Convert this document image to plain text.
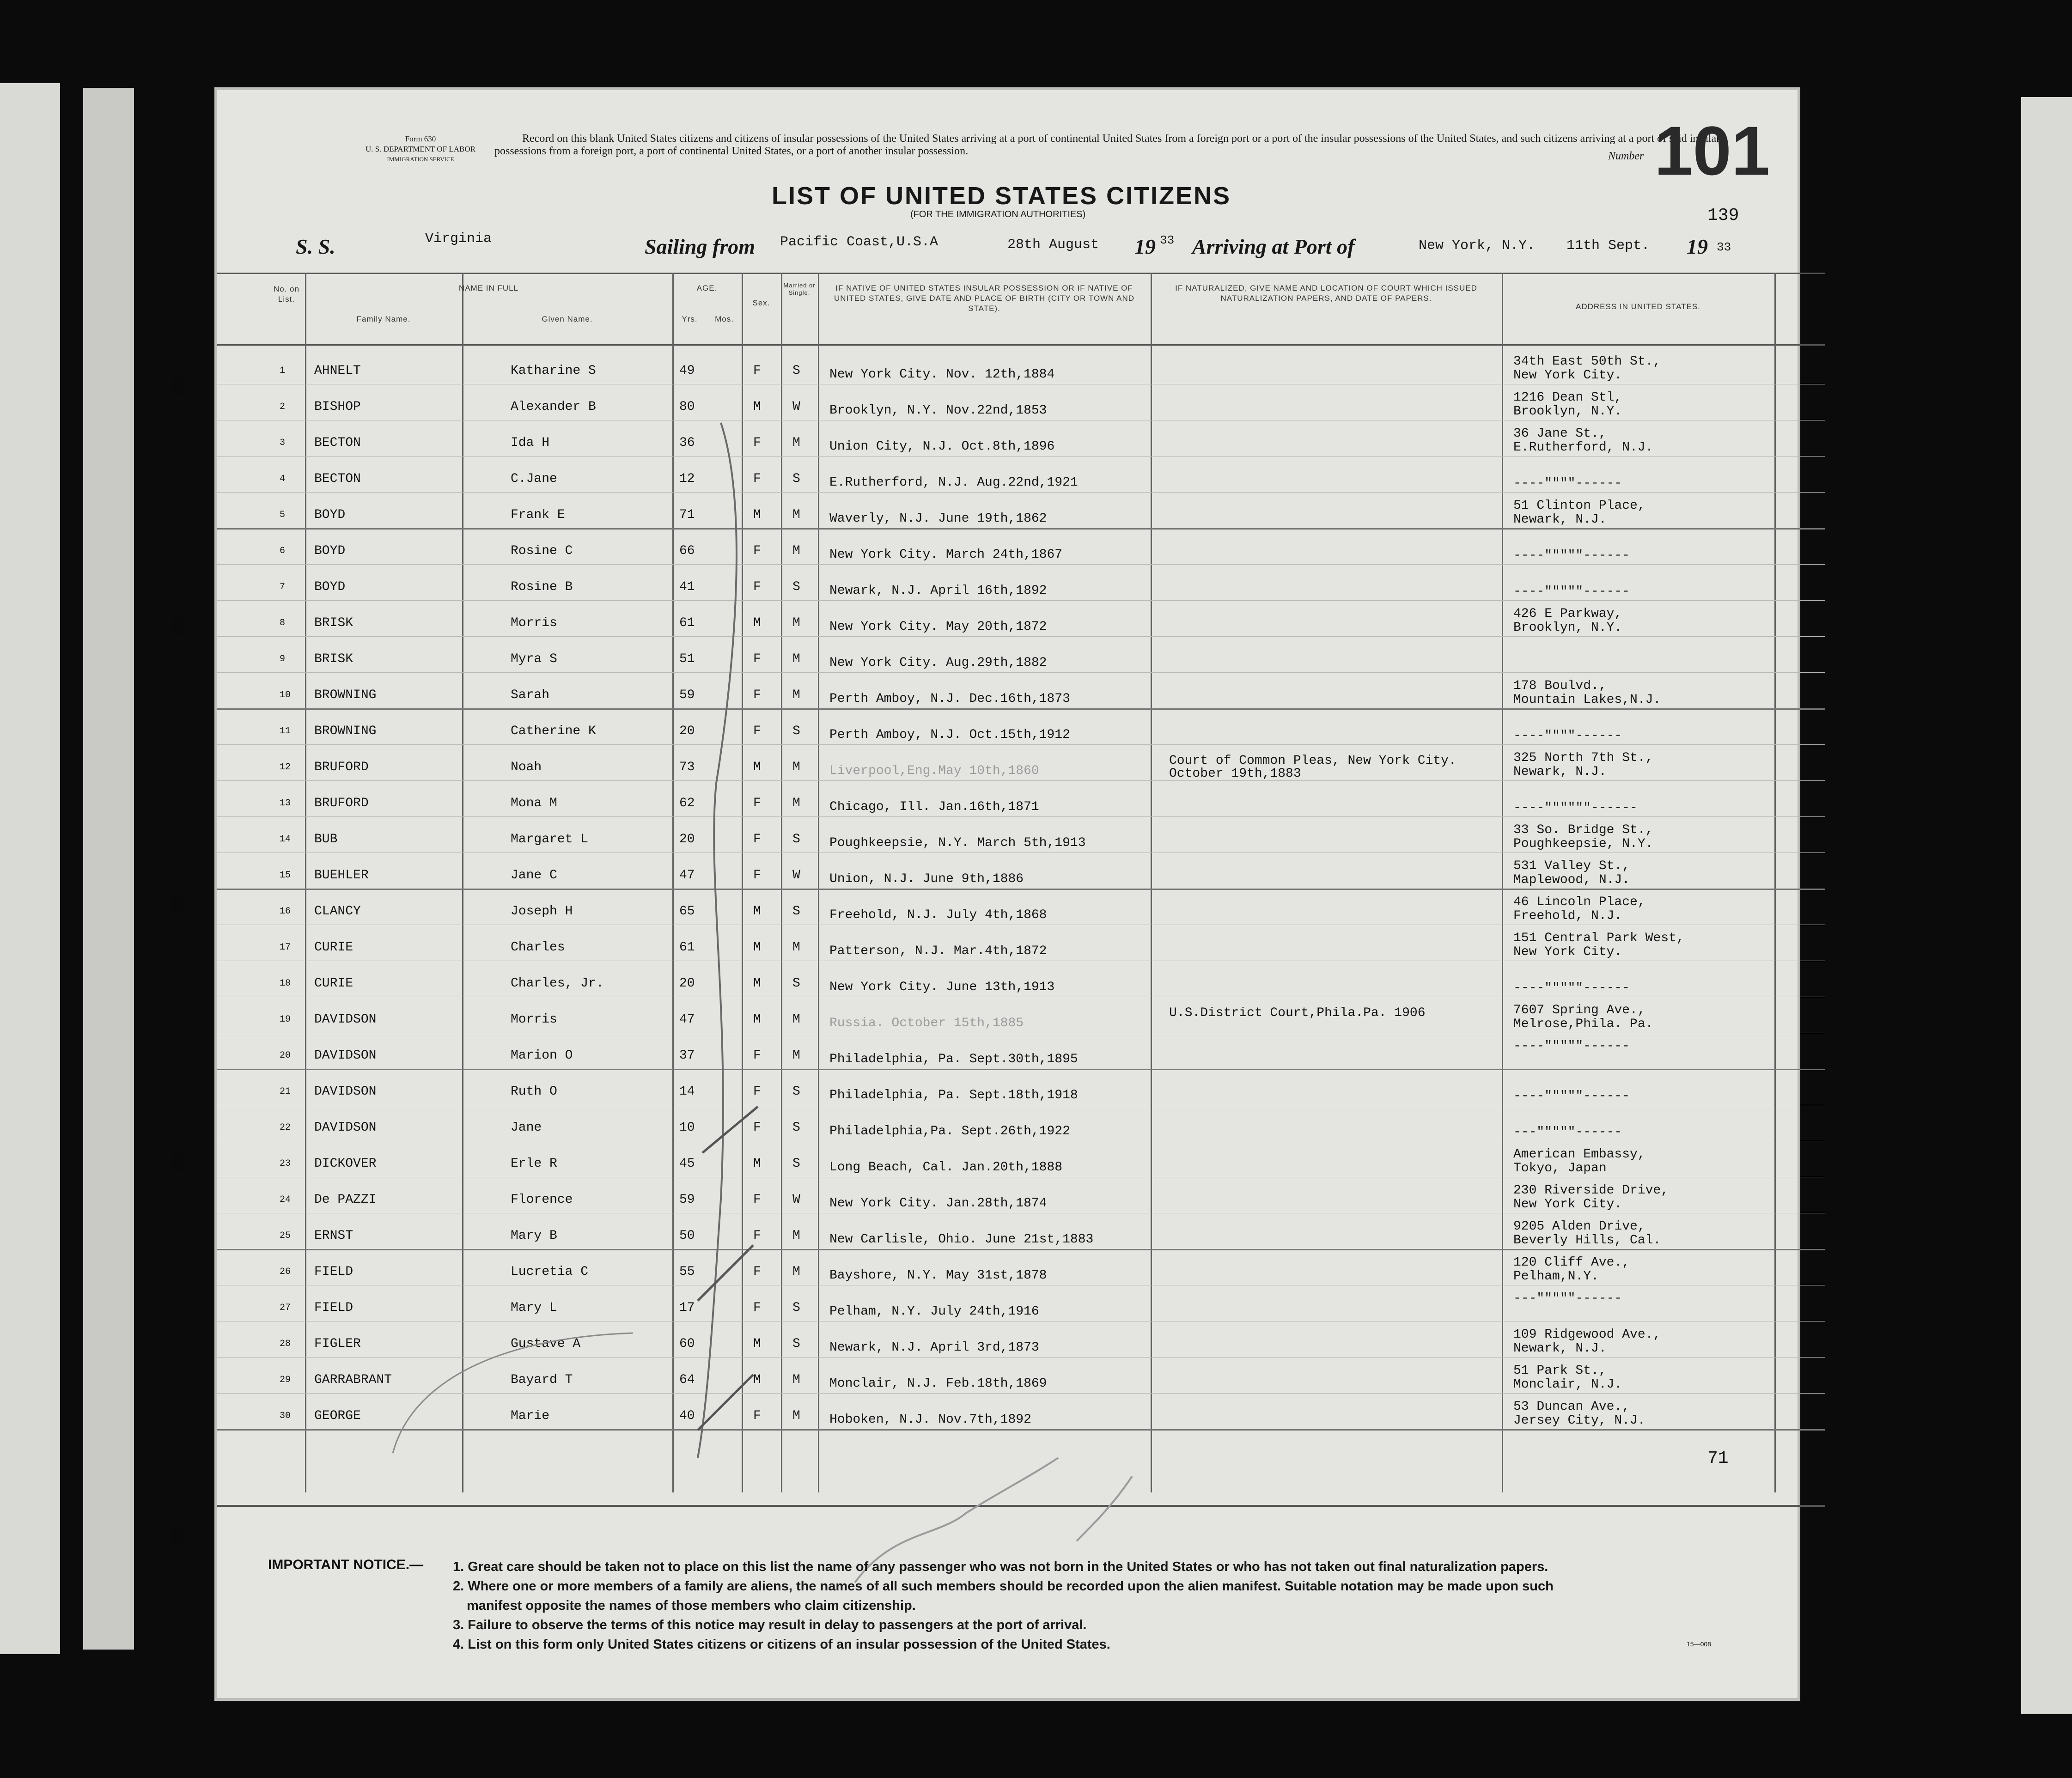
Form 630
U. S. DEPARTMENT OF LABOR
IMMIGRATION SERVICE
Record on this blank United States citizens and citizens of insular possessions of the United States arriving at a port of continental United States from a foreign port or a port of the insular possessions of the United States, and such citizens arriving at a port of said insular possessions from a foreign port, a port of continental United States, or a port of another insular possession.	Number 101
LIST OF UNITED STATES CITIZENS
(FOR THE IMMIGRATION AUTHORITIES)	139
S. S.	Virginia	Sailing from Pacific Coast,U.S.A	28th August 19 33 Arriving at Port of	New York, N.Y. 11th Sept. 19 33
No. on List.
NAME IN FULL
Family Name.	Given Name.
AGE.
Yrs.	Mos.
Sex.
Married or Single.
IF NATIVE OF UNITED STATES INSULAR POSSESSION OR IF NATIVE OF UNITED STATES, GIVE DATE AND PLACE OF BIRTH (CITY OR TOWN AND STATE).
IF NATURALIZED, GIVE NAME AND LOCATION OF COURT WHICH ISSUED NATURALIZATION PAPERS, AND DATE OF PAPERS.
ADDRESS IN UNITED STATES.
1 AHNELT	Katharine S	49	F S New York City. Nov. 12th,1884
34th East 50th St.,
New York City.
2 BISHOP	Alexander B	80	M W Brooklyn, N.Y. Nov.22nd,1853
1216 Dean Stl,
Brooklyn, N.Y.
3 BECTON	Ida H	36	F M Union City, N.J. Oct.8th,1896
36 Jane St.,
E.Rutherford, N.J.
4 BECTON	C.Jane	12	F S E.Rutherford, N.J. Aug.22nd,1921	----""""------
5 BOYD	Frank E	71	M M Waverly, N.J. June 19th,1862
51 Clinton Place,
Newark, N.J.
6 BOYD	Rosine C	66	F M New York City. March 24th,1867	----"""""------
7 BOYD	Rosine B	41	F S Newark, N.J. April 16th,1892	----"""""------
8 BRISK	Morris	61	M M New York City. May 20th,1872
426 E Parkway,
Brooklyn, N.Y.
9 BRISK	Myra S	51	F M New York City. Aug.29th,1882
10 BROWNING	Sarah	59	F M Perth Amboy, N.J. Dec.16th,1873
178 Boulvd.,
Mountain Lakes,N.J.
11 BROWNING	Catherine K	20	F S Perth Amboy, N.J. Oct.15th,1912	----""""------
12 BRUFORD	Noah	73	M M Liverpool,Eng.May 10th,1860
Court of Common Pleas, New York City.
October 19th,1883
325 North 7th St.,
Newark, N.J.
13 BRUFORD	Mona M	62	F M Chicago, Ill. Jan.16th,1871	----""""""------
14 BUB	Margaret L	20	F S Poughkeepsie, N.Y. March 5th,1913
33 So. Bridge St.,
Poughkeepsie, N.Y.
15 BUEHLER	Jane C	47	F W Union, N.J. June 9th,1886
531 Valley St.,
Maplewood, N.J.
16 CLANCY	Joseph H	65	M S Freehold, N.J. July 4th,1868
46 Lincoln Place,
Freehold, N.J.
17 CURIE	Charles	61	M M Patterson, N.J. Mar.4th,1872
151 Central Park West,
New York City.
18 CURIE	Charles, Jr.	20	M S New York City. June 13th,1913	----"""""------
19 DAVIDSON	Morris	47	M M Russia. October 15th,1885
U.S.District Court,Phila.Pa. 1906	7607 Spring Ave.,
Melrose,Phila. Pa.
20 DAVIDSON	Marion O	37	F M Philadelphia, Pa. Sept.30th,1895
----"""""------
21 DAVIDSON	Ruth O	14	F S Philadelphia, Pa. Sept.18th,1918	----"""""------
22 DAVIDSON	Jane	10	F S Philadelphia,Pa. Sept.26th,1922	---"""""------
23 DICKOVER	Erle R	45	M S Long Beach, Cal. Jan.20th,1888
American Embassy,
Tokyo, Japan
24 De PAZZI	Florence	59	F W New York City. Jan.28th,1874
230 Riverside Drive,
New York City.
25 ERNST	Mary B	50	F M New Carlisle, Ohio. June 21st,1883
9205 Alden Drive,
Beverly Hills, Cal.
26 FIELD	Lucretia C	55	F M Bayshore, N.Y. May 31st,1878
120 Cliff Ave.,
Pelham,N.Y.
27 FIELD	Mary L	17	F S Pelham, N.Y. July 24th,1916
---"""""------
28 FIGLER	Gustave A	60	M S Newark, N.J. April 3rd,1873
109 Ridgewood Ave.,
Newark, N.J.
29 GARRABRANT	Bayard T	64	M M Monclair, N.J. Feb.18th,1869
51 Park St.,
Monclair, N.J.
30 GEORGE	Marie	40	F M Hoboken, N.J. Nov.7th,1892
53 Duncan Ave.,
Jersey City, N.J.
71
IMPORTANT NOTICE.— 1. Great care should be taken not to place on this list the name of any passenger who was not born in the United States or who has not taken out final naturalization papers.
2. Where one or more members of a family are aliens, the names of all such members should be recorded upon the alien manifest. Suitable notation may be made upon such
manifest opposite the names of those members who claim citizenship.
3. Failure to observe the terms of this notice may result in delay to passengers at the port of arrival.
4. List on this form only United States citizens or citizens of an insular possession of the United States.	15—008
